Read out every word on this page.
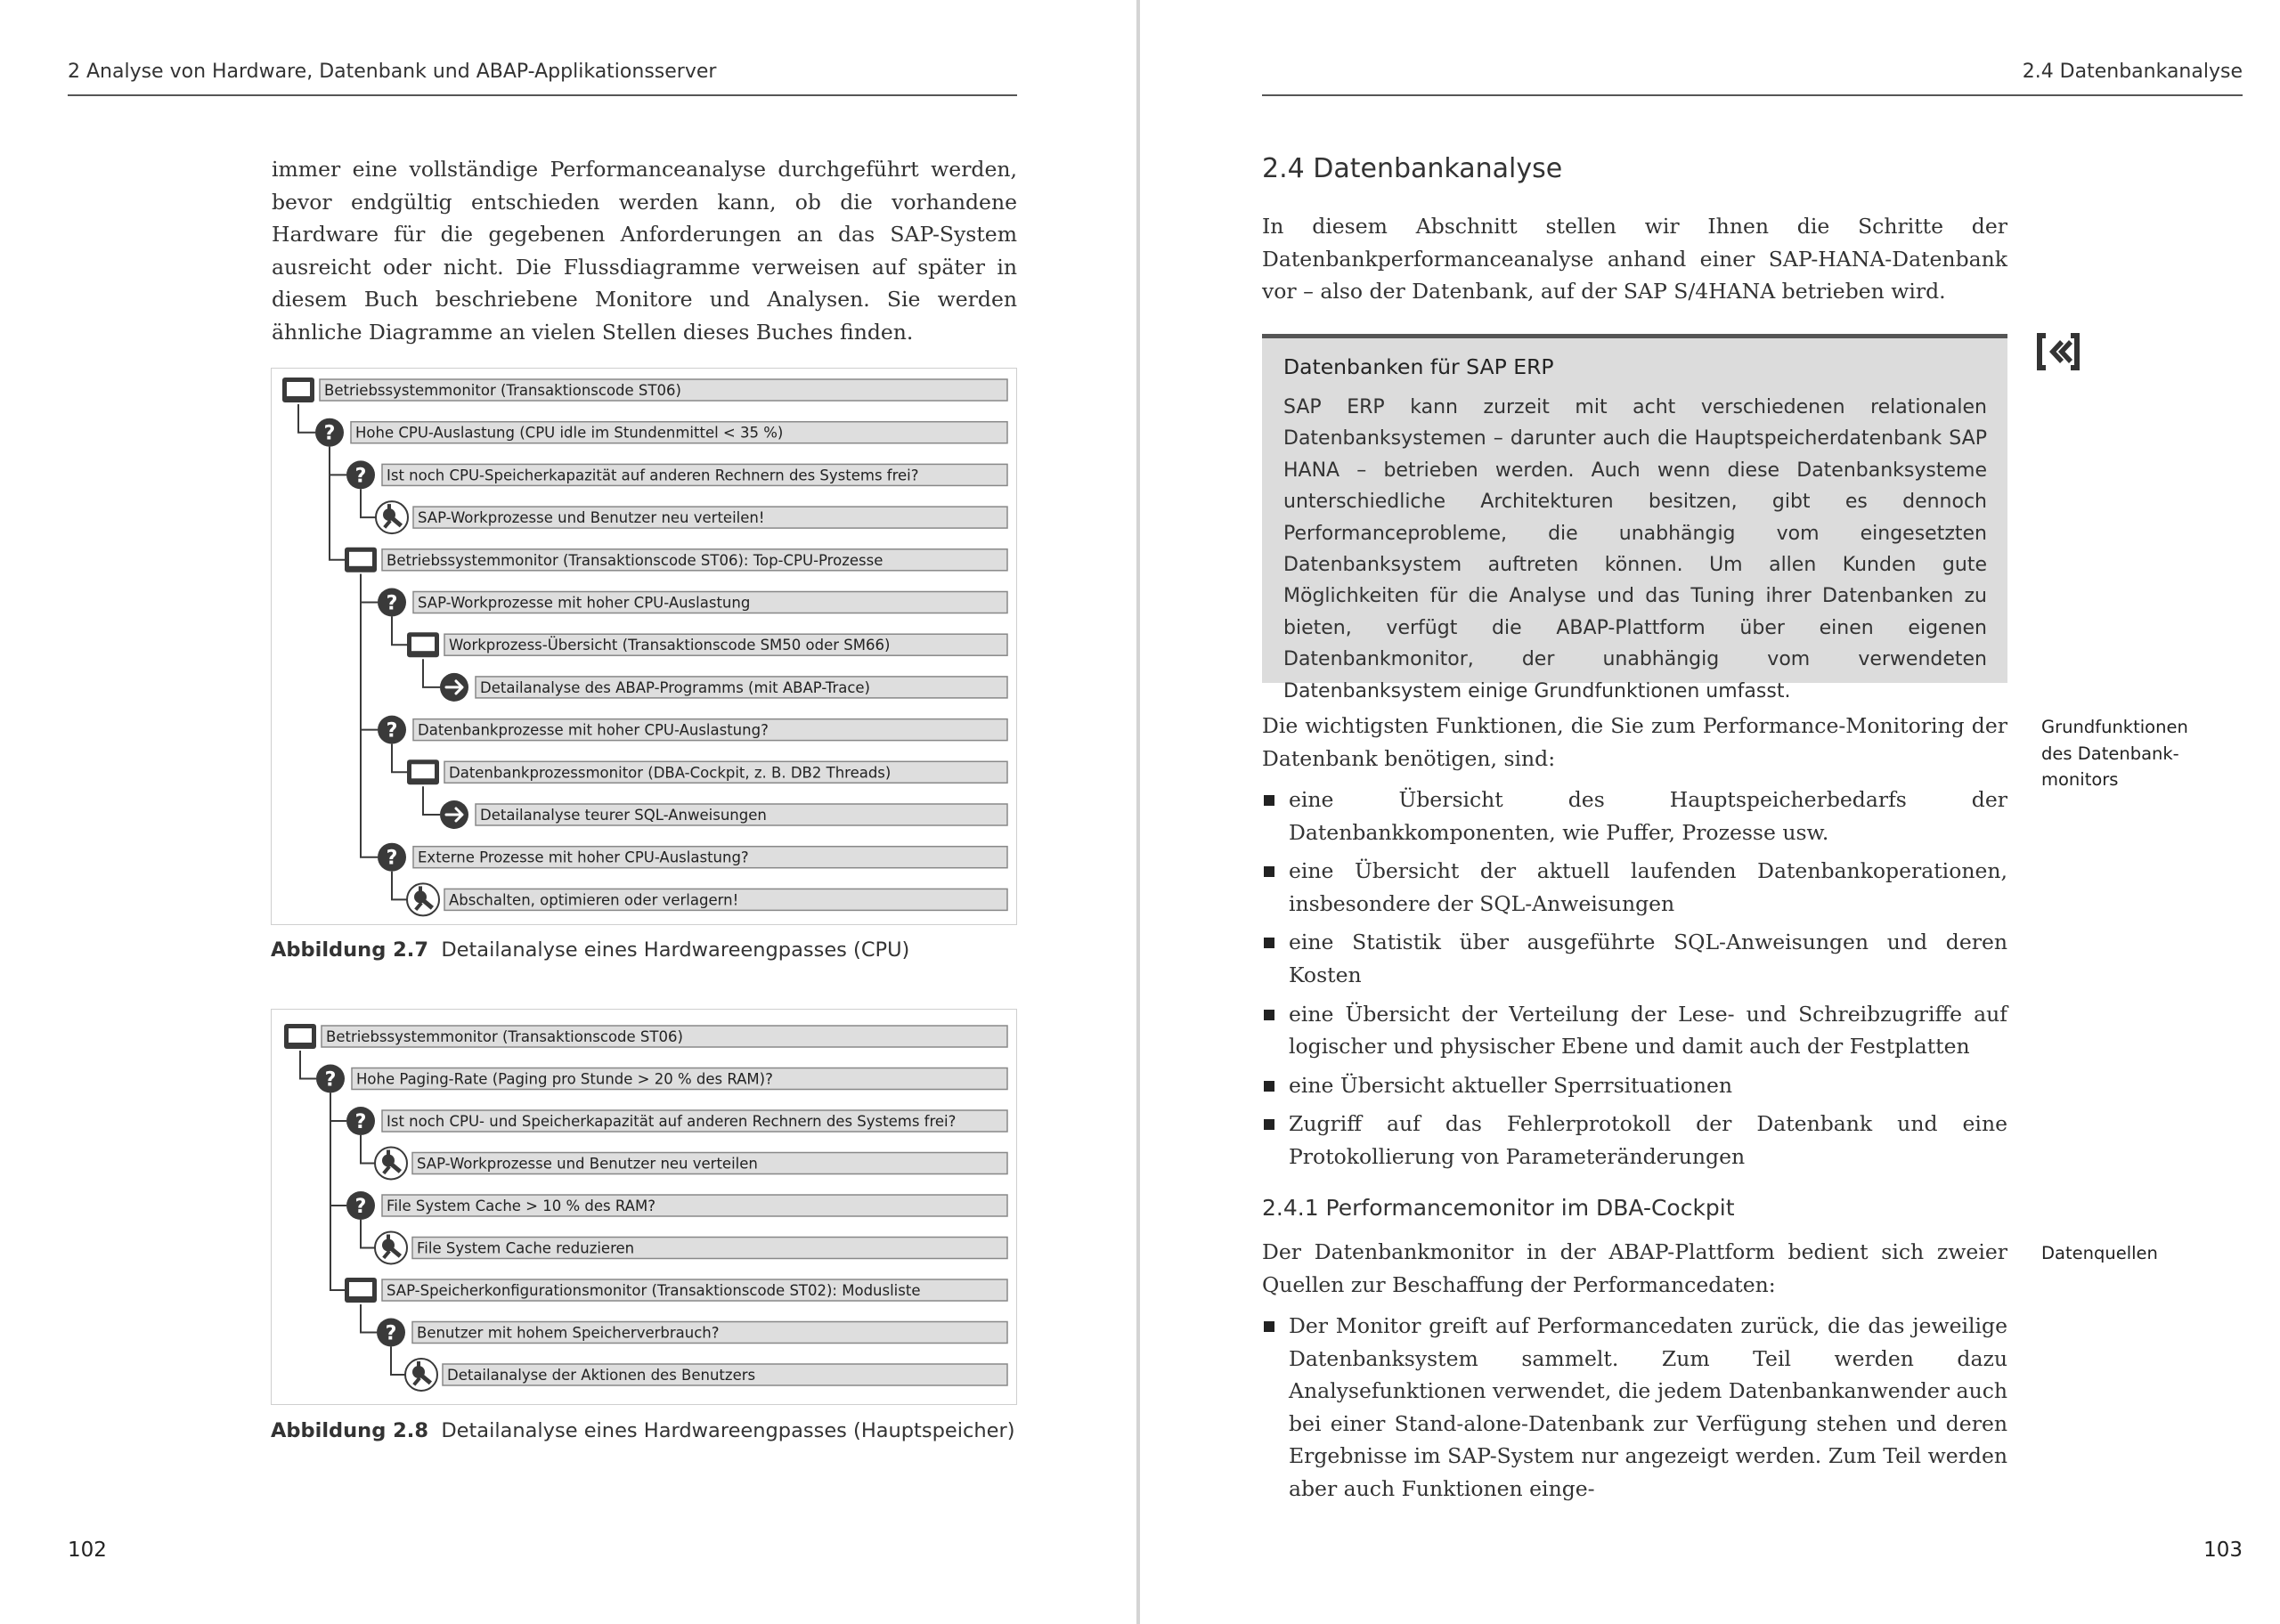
2 Analyse von Hardware, Datenbank und ABAP-Applikationsserver
immer eine vollständige Performanceanalyse durchgeführt werden, bevor endgültig entschieden werden kann, ob die vorhandene Hardware für die gegebenen Anforderungen an das SAP-System ausreicht oder nicht. Die Flussdiagramme verweisen auf später in diesem Buch beschriebene Monitore und Analysen. Sie werden ähnliche Diagramme an vielen Stellen dieses Buches finden.
Betriebssystemmonitor (Transaktionscode ST06)
Hohe CPU-Auslastung (CPU idle im Stundenmittel < 35 %)
?
Ist noch CPU-Speicherkapazität auf anderen Rechnern des Systems frei?
?
SAP-Workprozesse und Benutzer neu verteilen!
Betriebssystemmonitor (Transaktionscode ST06): Top-CPU-Prozesse
SAP-Workprozesse mit hoher CPU-Auslastung
?
Workprozess-Übersicht (Transaktionscode SM50 oder SM66)
Detailanalyse des ABAP-Programms (mit ABAP-Trace)
Datenbankprozesse mit hoher CPU-Auslastung?
?
Datenbankprozessmonitor (DBA-Cockpit, z. B. DB2 Threads)
Detailanalyse teurer SQL-Anweisungen
Externe Prozesse mit hoher CPU-Auslastung?
?
Abschalten, optimieren oder verlagern!
Abbildung 2.7 Detailanalyse eines Hardwareengpasses (CPU)
Betriebssystemmonitor (Transaktionscode ST06)
Hohe Paging-Rate (Paging pro Stunde > 20 % des RAM)?
?
Ist noch CPU- und Speicherkapazität auf anderen Rechnern des Systems frei?
?
SAP-Workprozesse und Benutzer neu verteilen
File System Cache > 10 % des RAM?
?
File System Cache reduzieren
SAP-Speicherkonfigurationsmonitor (Transaktionscode ST02): Modusliste
Benutzer mit hohem Speicherverbrauch?
?
Detailanalyse der Aktionen des Benutzers
Abbildung 2.8 Detailanalyse eines Hardwareengpasses (Hauptspeicher)
102
2.4 Datenbankanalyse
2.4 Datenbankanalyse
In diesem Abschnitt stellen wir Ihnen die Schritte der Datenbankperformanceanalyse anhand einer SAP-HANA-Datenbank vor – also der Datenbank, auf der SAP S/4HANA betrieben wird.
Datenbanken für SAP ERP
SAP ERP kann zurzeit mit acht verschiedenen relationalen Datenbanksystemen – darunter auch die Hauptspeicherdatenbank SAP HANA – betrieben werden. Auch wenn diese Datenbanksysteme unterschiedliche Architekturen besitzen, gibt es dennoch Performanceprobleme, die unabhängig vom eingesetzten Datenbanksystem auftreten können. Um allen Kunden gute Möglichkeiten für die Analyse und das Tuning ihrer Datenbanken zu bieten, verfügt die ABAP-Plattform über einen eigenen Datenbankmonitor, der unabhängig vom verwendeten Datenbanksystem einige Grundfunktionen umfasst.
Die wichtigsten Funktionen, die Sie zum Performance-Monitoring der Datenbank benötigen, sind:
Grundfunktionen des Datenbank-monitors
eine Übersicht des Hauptspeicherbedarfs der Datenbankkomponenten, wie Puffer, Prozesse usw.
eine Übersicht der aktuell laufenden Datenbankoperationen, insbesondere der SQL-Anweisungen
eine Statistik über ausgeführte SQL-Anweisungen und deren Kosten
eine Übersicht der Verteilung der Lese- und Schreibzugriffe auf logischer und physischer Ebene und damit auch der Festplatten
eine Übersicht aktueller Sperrsituationen
Zugriff auf das Fehlerprotokoll der Datenbank und eine Protokollierung von Parameteränderungen
2.4.1 Performancemonitor im DBA-Cockpit
Der Datenbankmonitor in der ABAP-Plattform bedient sich zweier Quellen zur Beschaffung der Performancedaten:
Datenquellen
Der Monitor greift auf Performancedaten zurück, die das jeweilige Datenbanksystem sammelt. Zum Teil werden dazu Analysefunktionen verwendet, die jedem Datenbankanwender auch bei einer Stand-alone-Datenbank zur Verfügung stehen und deren Ergebnisse im SAP-System nur angezeigt werden. Zum Teil werden aber auch Funktionen einge-
103
